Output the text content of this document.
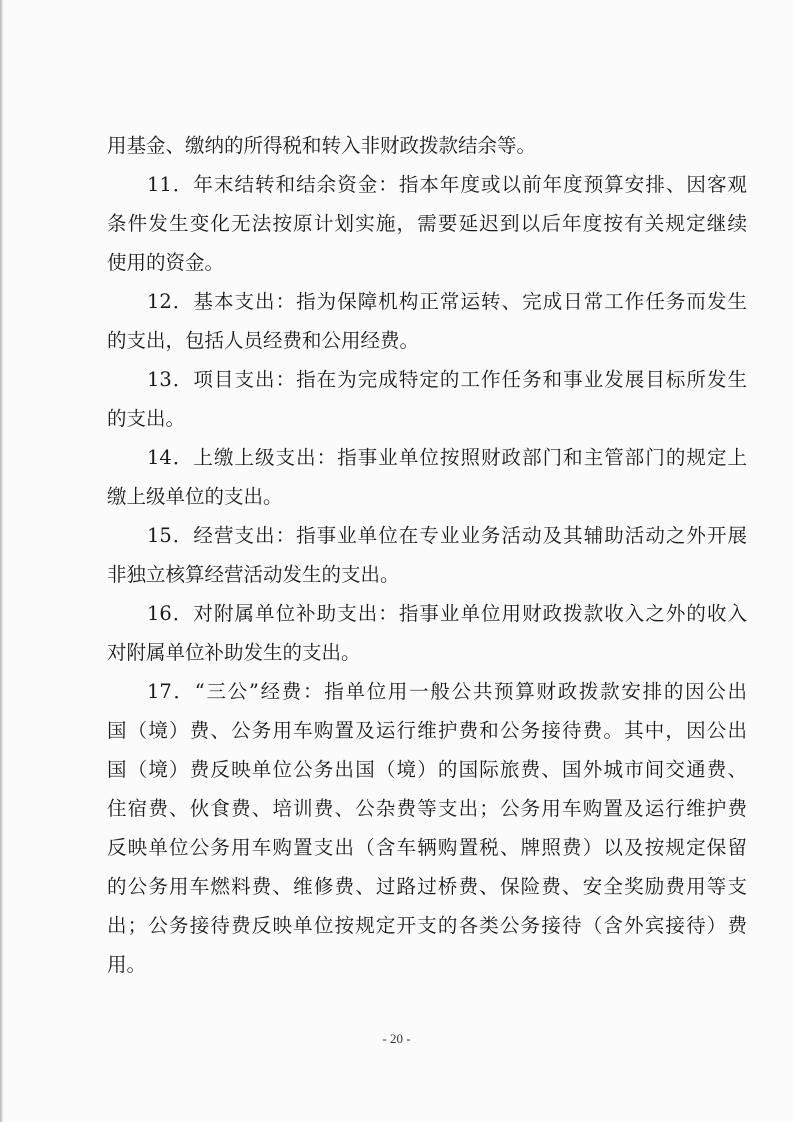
用基金、缴纳的所得税和转入非财政拨款结余等。
11．年末结转和结余资金：指本年度或以前年度预算安排、因客观
条件发生变化无法按原计划实施，需要延迟到以后年度按有关规定继续
使用的资金。
12．基本支出：指为保障机构正常运转、完成日常工作任务而发生
的支出，包括人员经费和公用经费。
13．项目支出：指在为完成特定的工作任务和事业发展目标所发生
的支出。
14．上缴上级支出：指事业单位按照财政部门和主管部门的规定上
缴上级单位的支出。
15．经营支出：指事业单位在专业业务活动及其辅助活动之外开展
非独立核算经营活动发生的支出。
16．对附属单位补助支出：指事业单位用财政拨款收入之外的收入
对附属单位补助发生的支出。
17．“三公”经费：指单位用一般公共预算财政拨款安排的因公出
国（境）费、公务用车购置及运行维护费和公务接待费。其中，因公出
国（境）费反映单位公务出国（境）的国际旅费、国外城市间交通费、
住宿费、伙食费、培训费、公杂费等支出；公务用车购置及运行维护费
反映单位公务用车购置支出（含车辆购置税、牌照费）以及按规定保留
的公务用车燃料费、维修费、过路过桥费、保险费、安全奖励费用等支
出；公务接待费反映单位按规定开支的各类公务接待（含外宾接待）费
用。
- 20 -
